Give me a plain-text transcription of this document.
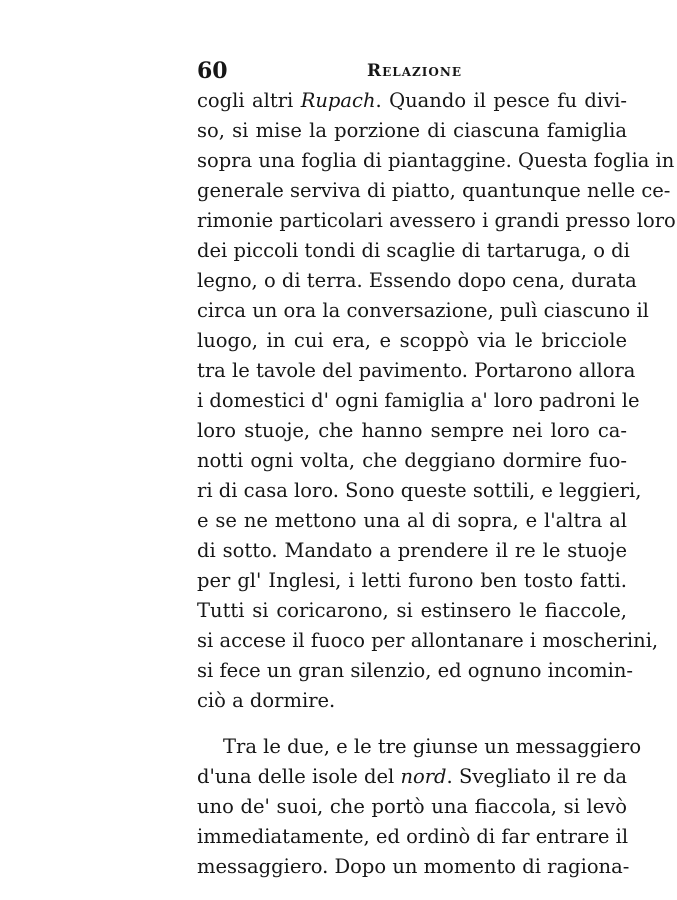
60	Relazione
cogli altri Rupach. Quando il pesce fu divi-
so, si mise la porzione di ciascuna famiglia
sopra una foglia di piantaggine. Questa foglia in
generale serviva di piatto, quantunque nelle ce-
rimonie particolari avessero i grandi presso loro
dei piccoli tondi di scaglie di tartaruga, o di
legno, o di terra. Essendo dopo cena, durata
circa un ora la conversazione, pulì ciascuno il
luogo, in cui era, e scoppò via le bricciole
tra le tavole del pavimento. Portarono allora
i domestici d' ogni famiglia a' loro padroni le
loro stuoje, che hanno sempre nei loro ca-
notti ogni volta, che deggiano dormire fuo-
ri di casa loro. Sono queste sottili, e leggieri,
e se ne mettono una al di sopra, e l'altra al
di sotto. Mandato a prendere il re le stuoje
per gl' Inglesi, i letti furono ben tosto fatti.
Tutti si coricarono, si estinsero le fiaccole,
si accese il fuoco per allontanare i moscherini,
si fece un gran silenzio, ed ognuno incomin-
ciò a dormire.
Tra le due, e le tre giunse un messaggiero
d'una delle isole del nord. Svegliato il re da
uno de' suoi, che portò una fiaccola, si levò
immediatamente, ed ordinò di far entrare il
messaggiero. Dopo un momento di ragiona-
